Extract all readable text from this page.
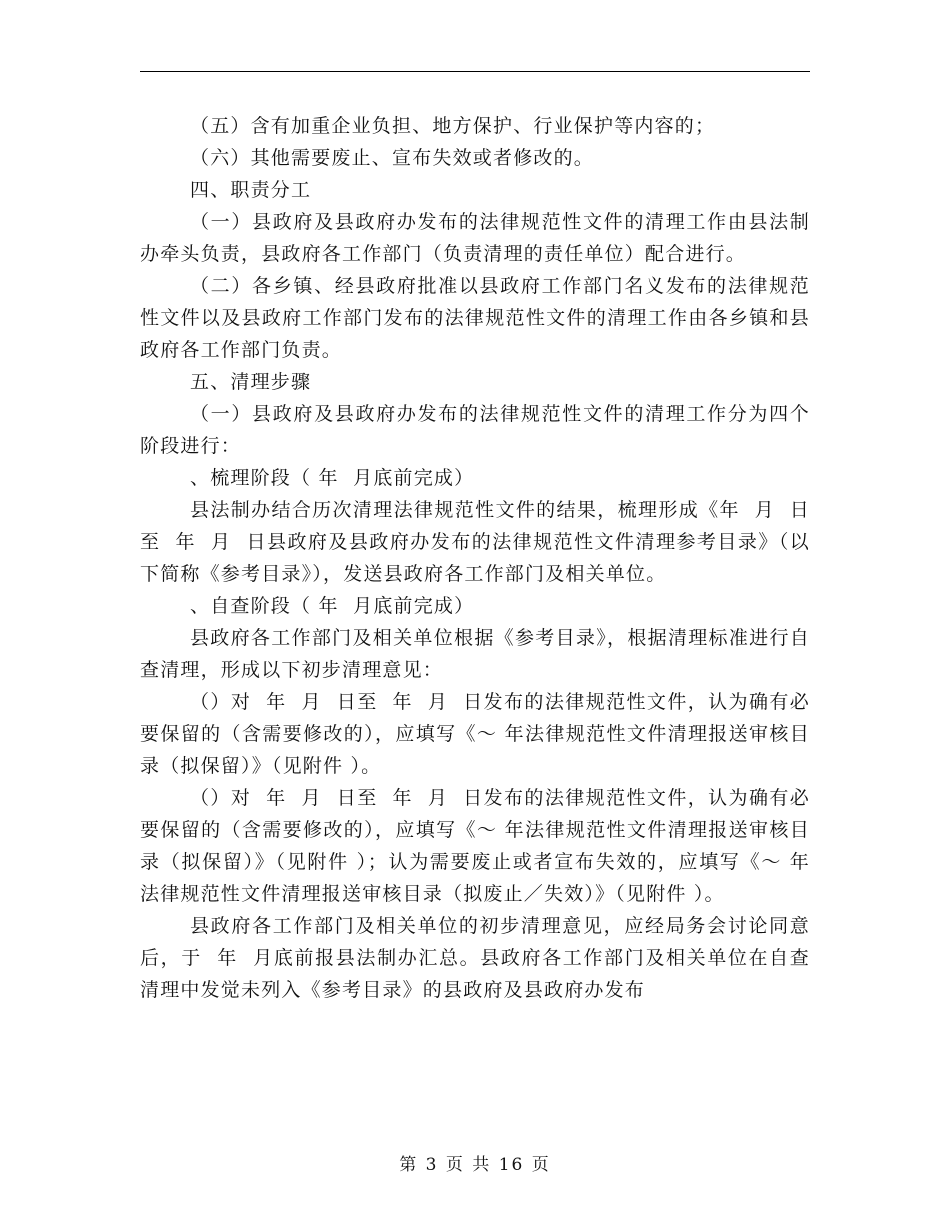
（五）含有加重企业负担、地方保护、行业保护等内容的；

（六）其他需要废止、宣布失效或者修改的。

四、职责分工

（一）县政府及县政府办发布的法律规范性文件的清理工作由县法制办牵头负责，县政府各工作部门（负责清理的责任单位）配合进行。

（二）各乡镇、经县政府批准以县政府工作部门名义发布的法律规范性文件以及县政府工作部门发布的法律规范性文件的清理工作由各乡镇和县政府各工作部门负责。

五、清理步骤

（一）县政府及县政府办发布的法律规范性文件的清理工作分为四个阶段进行：

、梳理阶段（ 年  月底前完成）

县法制办结合历次清理法律规范性文件的结果，梳理形成《年  月  日至  年  月  日县政府及县政府办发布的法律规范性文件清理参考目录》（以下简称《参考目录》），发送县政府各工作部门及相关单位。

、自查阶段（ 年  月底前完成）

县政府各工作部门及相关单位根据《参考目录》，根据清理标准进行自查清理，形成以下初步清理意见：

（）对  年  月  日至  年  月  日发布的法律规范性文件，认为确有必要保留的（含需要修改的），应填写《～ 年法律规范性文件清理报送审核目录（拟保留）》（见附件 ）。

（）对  年  月  日至  年  月  日发布的法律规范性文件，认为确有必要保留的（含需要修改的），应填写《～ 年法律规范性文件清理报送审核目录（拟保留）》（见附件 ）；认为需要废止或者宣布失效的，应填写《～ 年法律规范性文件清理报送审核目录（拟废止／失效）》（见附件 ）。

县政府各工作部门及相关单位的初步清理意见，应经局务会讨论同意后，于  年  月底前报县法制办汇总。县政府各工作部门及相关单位在自查清理中发觉未列入《参考目录》的县政府及县政府办发布

第 3 页 共 16 页
